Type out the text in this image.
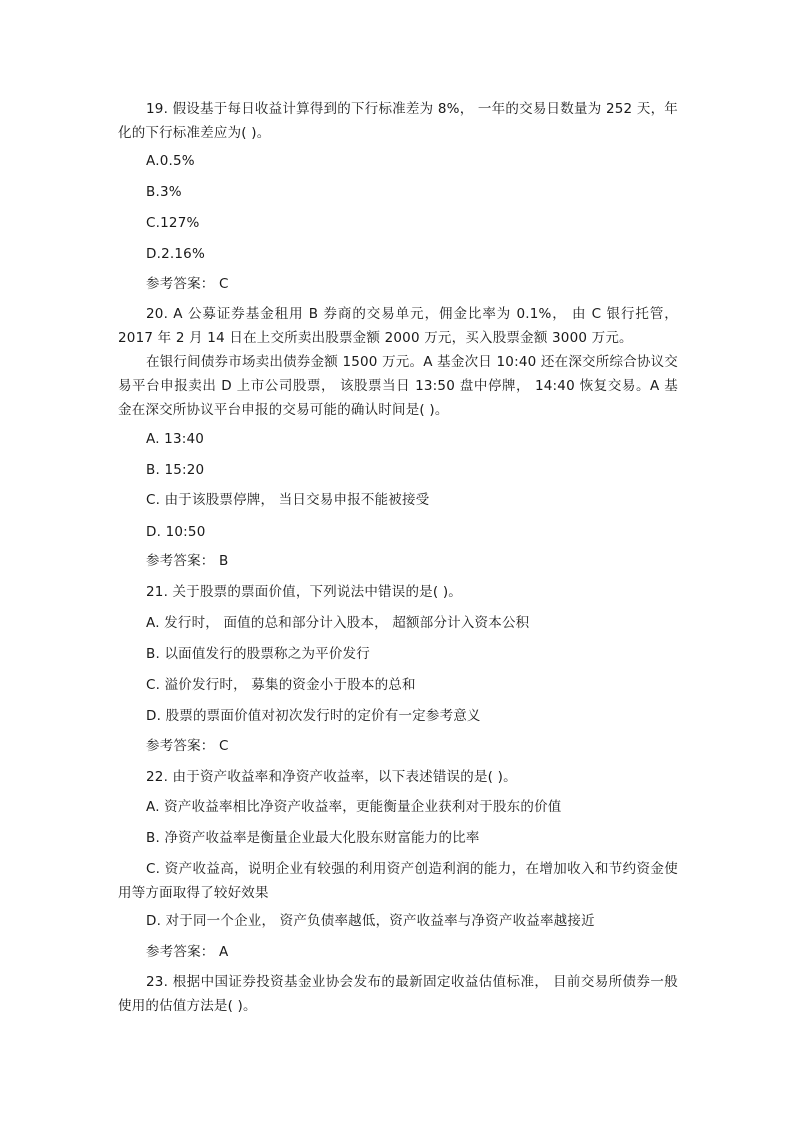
19. 假设基于每日收益计算得到的下行标准差为 8%， 一年的交易日数量为 252 天，年化的下行标准差应为( )。
A.0.5%
B.3%
C.127%
D.2.16%
参考答案： C
20. A 公募证券基金租用 B 券商的交易单元，佣金比率为 0.1%， 由 C 银行托管，2017 年 2 月 14 日在上交所卖出股票金额 2000 万元，买入股票金额 3000 万元。
在银行间债券市场卖出债券金额 1500 万元。A 基金次日 10:40 还在深交所综合协议交易平台申报卖出 D 上市公司股票， 该股票当日 13:50 盘中停牌， 14:40 恢复交易。A 基金在深交所协议平台申报的交易可能的确认时间是( )。
A. 13:40
B. 15:20
C. 由于该股票停牌， 当日交易申报不能被接受
D. 10:50
参考答案： B
21. 关于股票的票面价值，下列说法中错误的是( )。
A. 发行时， 面值的总和部分计入股本， 超额部分计入资本公积
B. 以面值发行的股票称之为平价发行
C. 溢价发行时， 募集的资金小于股本的总和
D. 股票的票面价值对初次发行时的定价有一定参考意义
参考答案： C
22. 由于资产收益率和净资产收益率，以下表述错误的是( )。
A. 资产收益率相比净资产收益率，更能衡量企业获利对于股东的价值
B. 净资产收益率是衡量企业最大化股东财富能力的比率
C. 资产收益高，说明企业有较强的利用资产创造利润的能力，在增加收入和节约资金使用等方面取得了较好效果
D. 对于同一个企业， 资产负债率越低，资产收益率与净资产收益率越接近
参考答案： A
23. 根据中国证券投资基金业协会发布的最新固定收益估值标准， 目前交易所债券一般使用的估值方法是( )。
